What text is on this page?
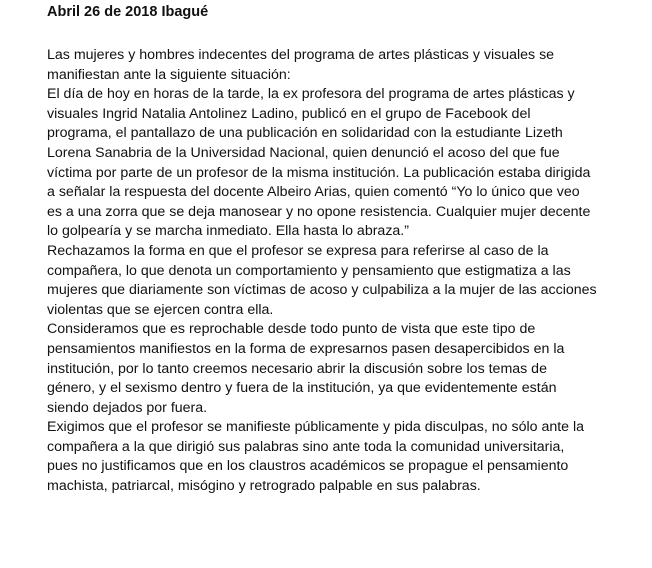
Abril 26 de 2018 Ibagué
Las mujeres y hombres indecentes del programa de artes plásticas y visuales se
manifiestan ante la siguiente situación:
El día de hoy en horas de la tarde, la ex profesora del programa de artes plásticas y
visuales Ingrid Natalia Antolinez Ladino, publicó en el grupo de Facebook del
programa, el pantallazo de una publicación en solidaridad con la estudiante Lizeth
Lorena Sanabria de la Universidad Nacional, quien denunció el acoso del que fue
víctima por parte de un profesor de la misma institución. La publicación estaba dirigida
a señalar la respuesta del docente Albeiro Arias, quien comentó “Yo lo único que veo
es a una zorra que se deja manosear y no opone resistencia. Cualquier mujer decente
lo golpearía y se marcha inmediato. Ella hasta lo abraza.”
Rechazamos la forma en que el profesor se expresa para referirse al caso de la
compañera, lo que denota un comportamiento y pensamiento que estigmatiza a las
mujeres que diariamente son víctimas de acoso y culpabiliza a la mujer de las acciones
violentas que se ejercen contra ella.
Consideramos que es reprochable desde todo punto de vista que este tipo de
pensamientos manifiestos en la forma de expresarnos pasen desapercibidos en la
institución, por lo tanto creemos necesario abrir la discusión sobre los temas de
género, y el sexismo dentro y fuera de la institución, ya que evidentemente están
siendo dejados por fuera.
Exigimos que el profesor se manifieste públicamente y pida disculpas, no sólo ante la
compañera a la que dirigió sus palabras sino ante toda la comunidad universitaria,
pues no justificamos que en los claustros académicos se propague el pensamiento
machista, patriarcal, misógino y retrogrado palpable en sus palabras.
